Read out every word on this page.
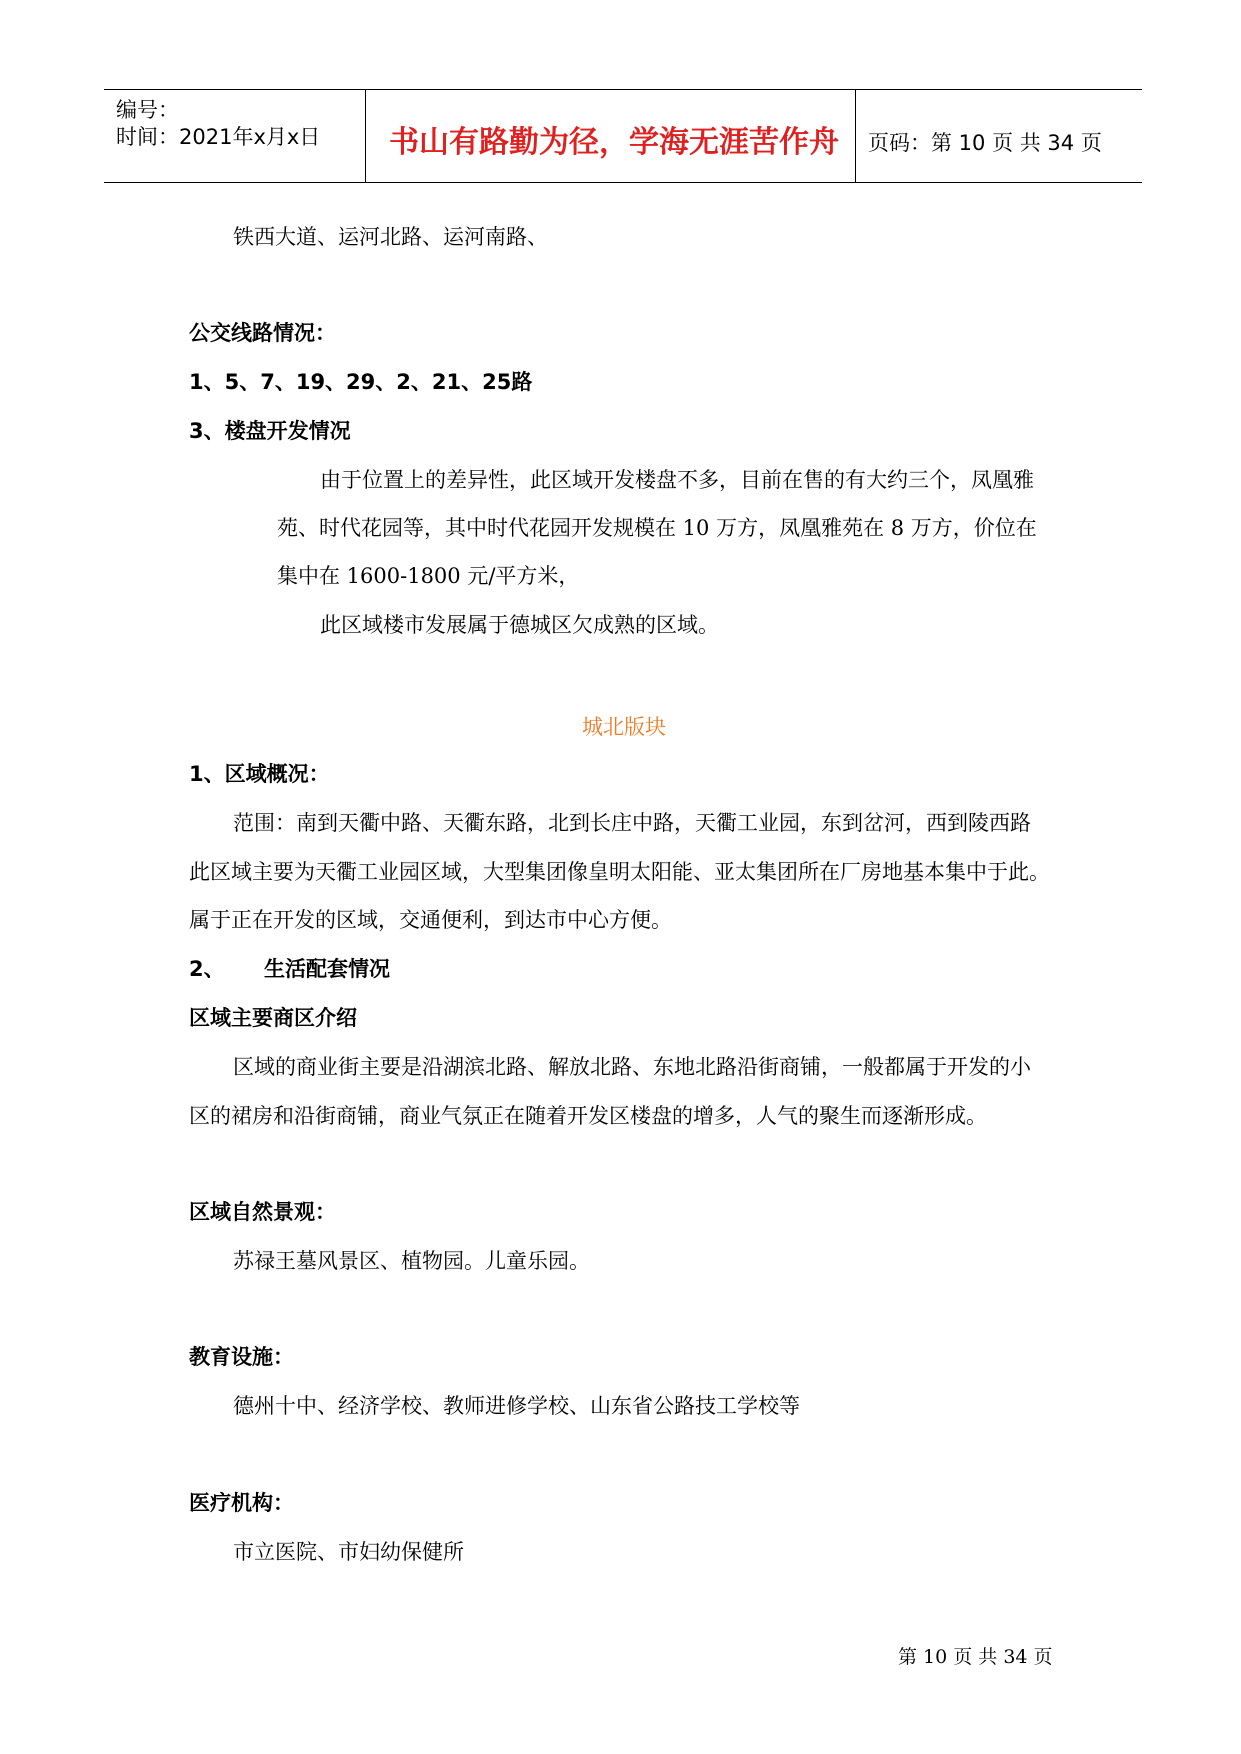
编号：
时间：2021年x月x日	书山有路勤为径，学海无涯苦作舟	页码：第 10 页 共 34 页
铁西大道、运河北路、运河南路、
公交线路情况：
1、5、7、19、29、2、21、25路
3、楼盘开发情况
由于位置上的差异性，此区域开发楼盘不多，目前在售的有大约三个，凤凰雅
苑、时代花园等，其中时代花园开发规模在 10 万方，凤凰雅苑在 8 万方，价位在
集中在 1600-1800 元/平方米，
此区域楼市发展属于德城区欠成熟的区域。
城北版块
1、区域概况：
范围：南到天衢中路、天衢东路，北到长庄中路，天衢工业园，东到岔河，西到陵西路
此区域主要为天衢工业园区域，大型集团像皇明太阳能、亚太集团所在厂房地基本集中于此。
属于正在开发的区域，交通便利，到达市中心方便。
2、 生活配套情况
区域主要商区介绍
区域的商业街主要是沿湖滨北路、解放北路、东地北路沿街商铺，一般都属于开发的小
区的裙房和沿街商铺，商业气氛正在随着开发区楼盘的增多，人气的聚生而逐渐形成。
区域自然景观：
苏禄王墓风景区、植物园。儿童乐园。
教育设施：
德州十中、经济学校、教师进修学校、山东省公路技工学校等
医疗机构：
市立医院、市妇幼保健所
第 10 页 共 34 页
